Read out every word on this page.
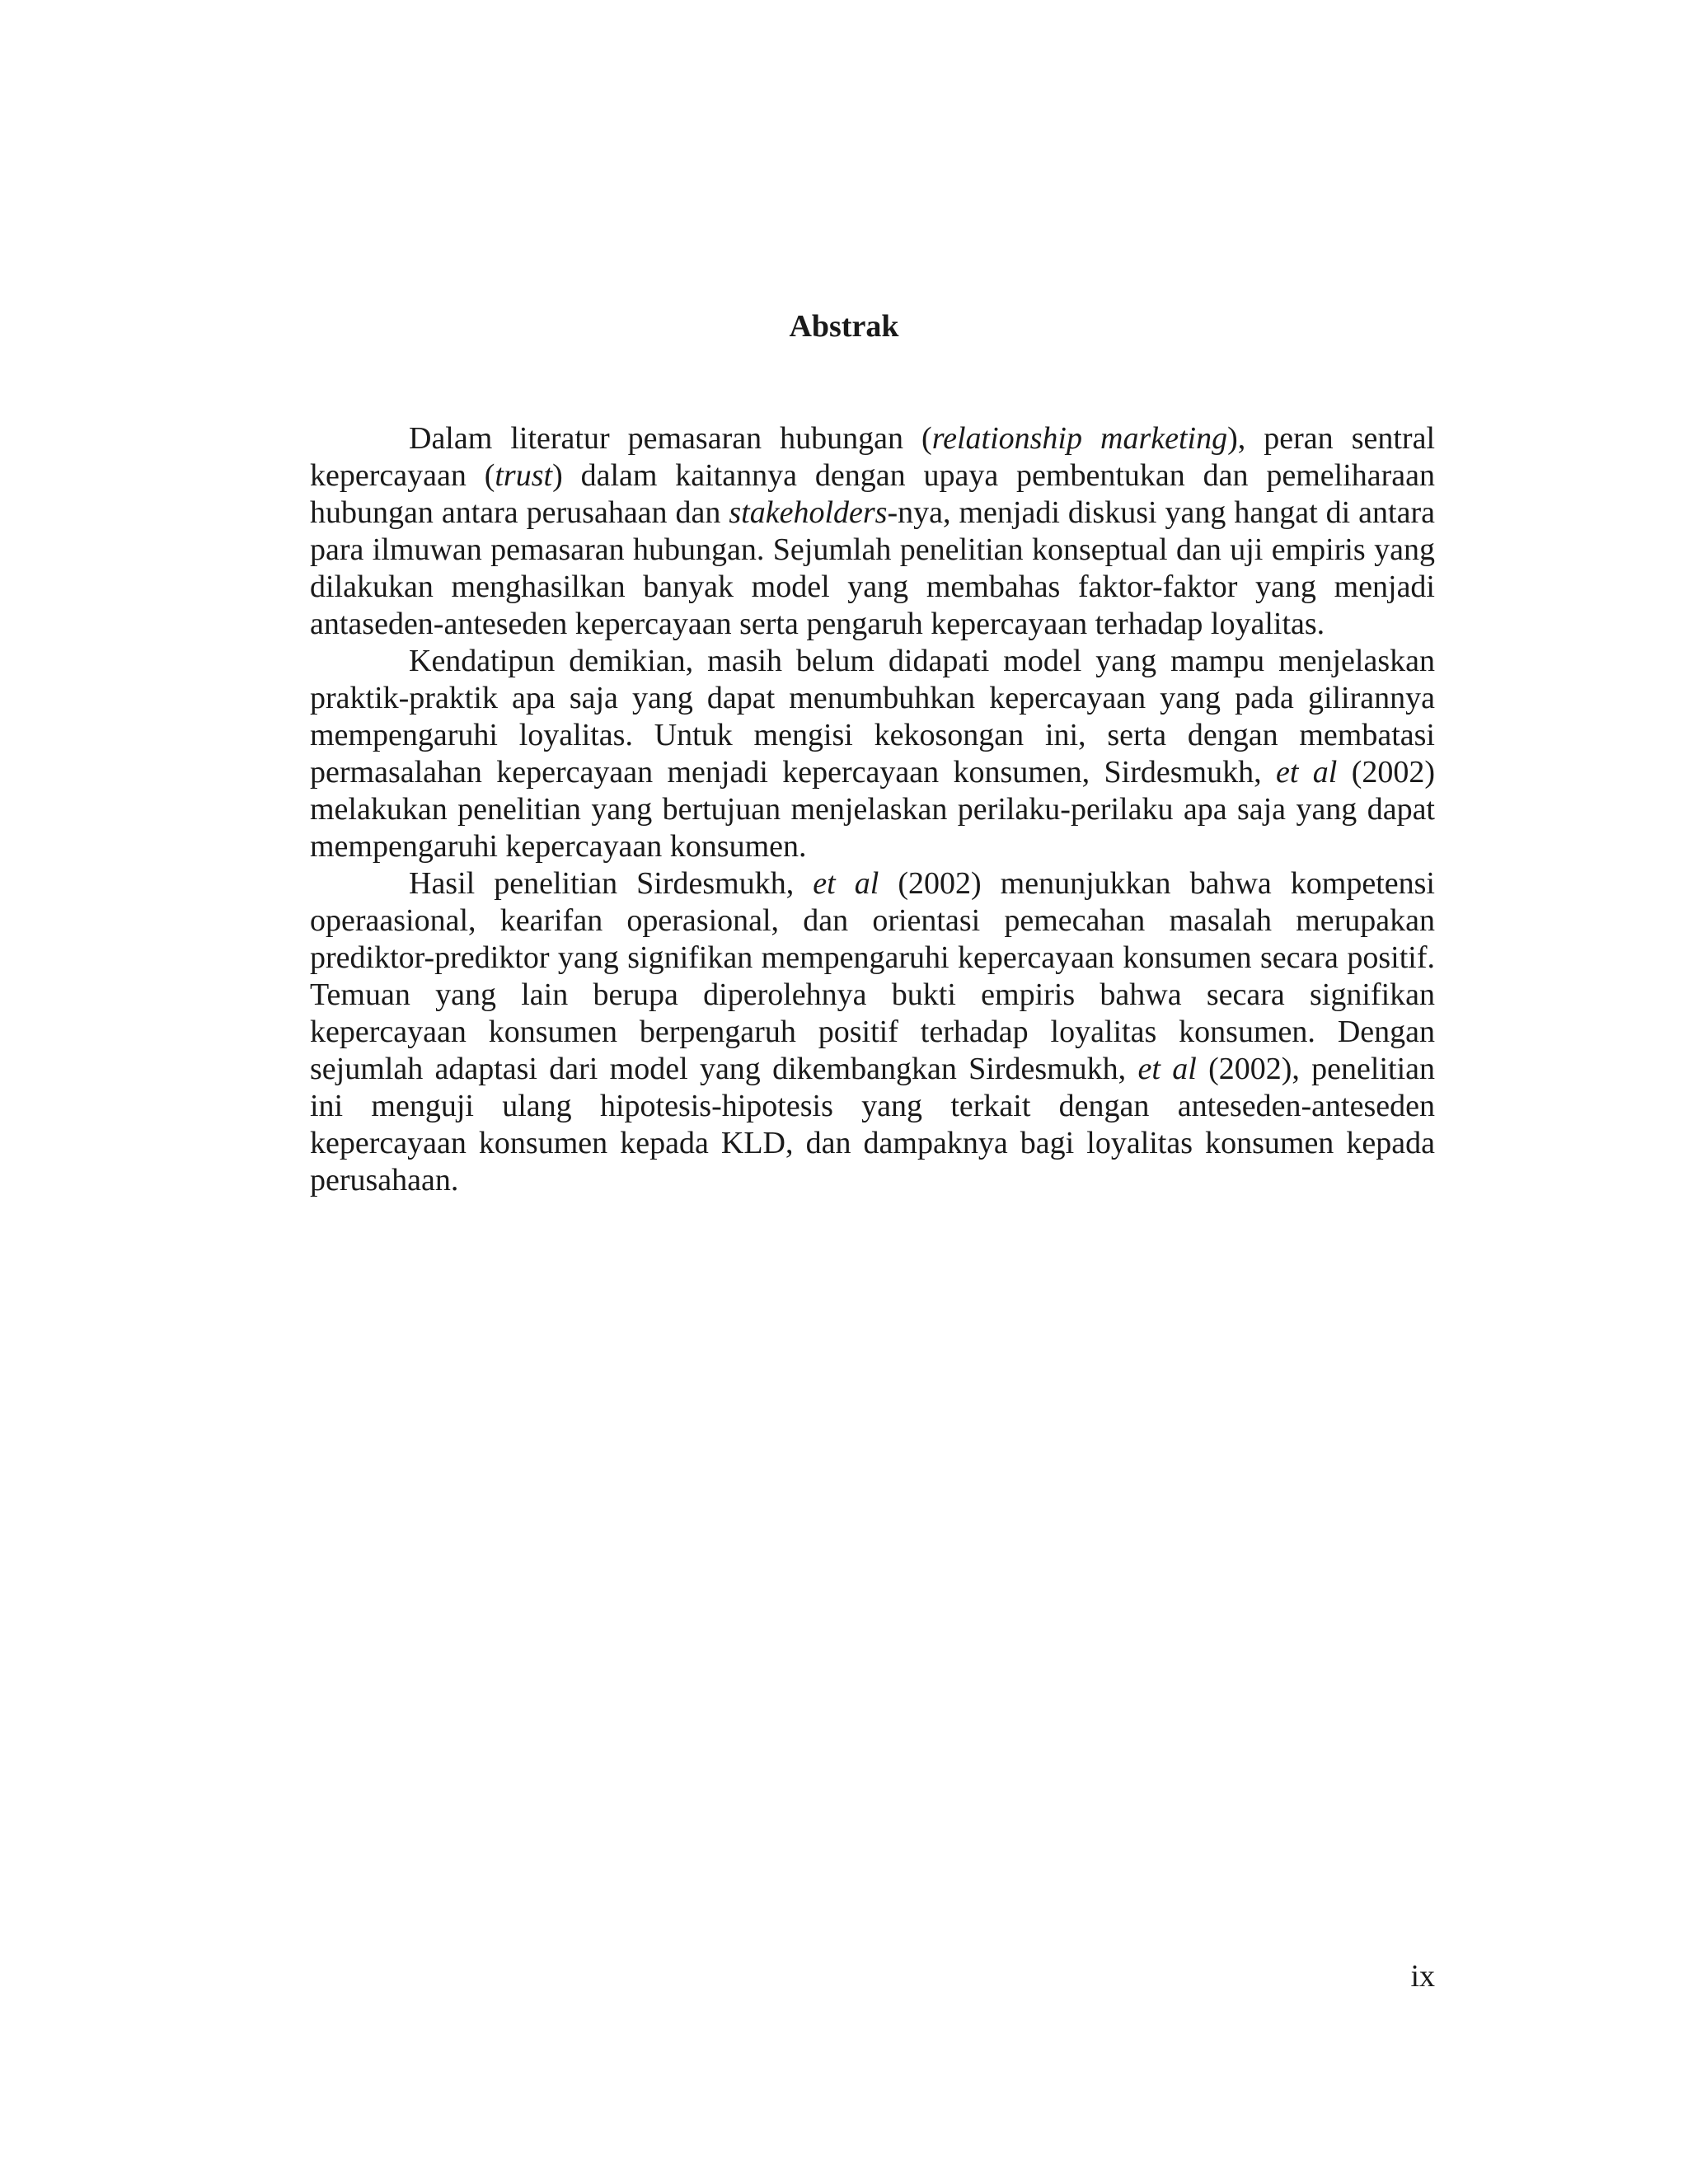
Abstrak

Dalam literatur pemasaran hubungan (relationship marketing), peran sentral kepercayaan (trust) dalam kaitannya dengan upaya pembentukan dan pemeliharaan hubungan antara perusahaan dan stakeholders-nya, menjadi diskusi yang hangat di antara para ilmuwan pemasaran hubungan. Sejumlah penelitian konseptual dan uji empiris yang dilakukan menghasilkan banyak model yang membahas faktor-faktor yang menjadi antaseden-anteseden kepercayaan serta pengaruh kepercayaan terhadap loyalitas.

Kendatipun demikian, masih belum didapati model yang mampu menjelaskan praktik-praktik apa saja yang dapat menumbuhkan kepercayaan yang pada gilirannya mempengaruhi loyalitas. Untuk mengisi kekosongan ini, serta dengan membatasi permasalahan kepercayaan menjadi kepercayaan konsumen, Sirdesmukh, et al (2002) melakukan penelitian yang bertujuan menjelaskan perilaku-perilaku apa saja yang dapat mempengaruhi kepercayaan konsumen.

Hasil penelitian Sirdesmukh, et al (2002) menunjukkan bahwa kompetensi operaasional, kearifan operasional, dan orientasi pemecahan masalah merupakan prediktor-prediktor yang signifikan mempengaruhi kepercayaan konsumen secara positif. Temuan yang lain berupa diperolehnya bukti empiris bahwa secara signifikan kepercayaan konsumen berpengaruh positif terhadap loyalitas konsumen. Dengan sejumlah adaptasi dari model yang dikembangkan Sirdesmukh, et al (2002), penelitian ini menguji ulang hipotesis-hipotesis yang terkait dengan anteseden-anteseden kepercayaan konsumen kepada KLD, dan dampaknya bagi loyalitas konsumen kepada perusahaan.

ix
